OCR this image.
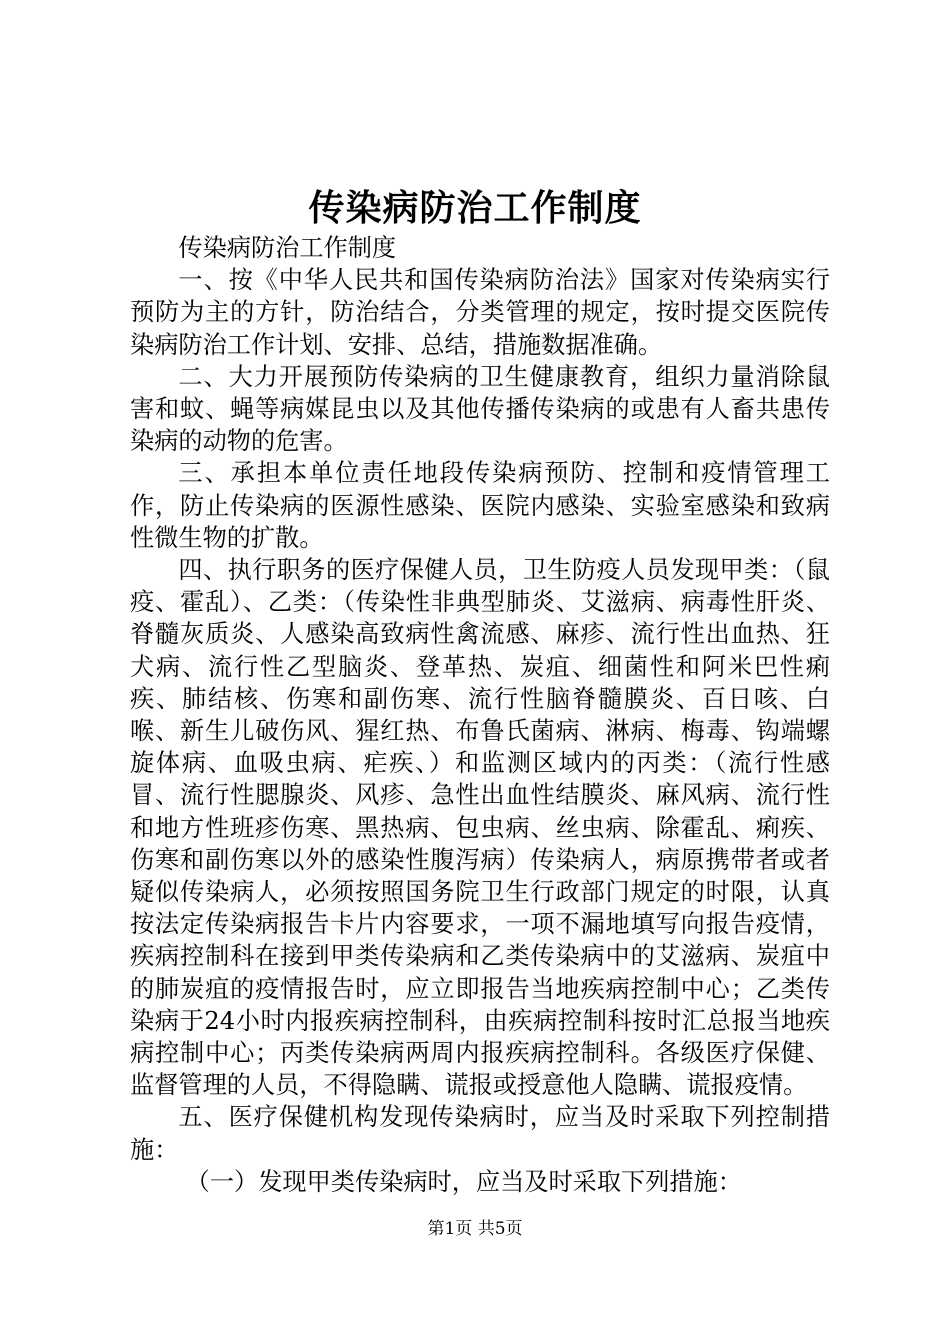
传染病防治工作制度

传染病防治工作制度

一、按《中华人民共和国传染病防治法》国家对传染病实行预防为主的方针，防治结合，分类管理的规定，按时提交医院传染病防治工作计划、安排、总结，措施数据准确。

二、大力开展预防传染病的卫生健康教育，组织力量消除鼠害和蚊、蝇等病媒昆虫以及其他传播传染病的或患有人畜共患传染病的动物的危害。

三、承担本单位责任地段传染病预防、控制和疫情管理工作，防止传染病的医源性感染、医院内感染、实验室感染和致病性微生物的扩散。

四、执行职务的医疗保健人员，卫生防疫人员发现甲类：（鼠疫、霍乱）、乙类：（传染性非典型肺炎、艾滋病、病毒性肝炎、脊髓灰质炎、人感染高致病性禽流感、麻疹、流行性出血热、狂犬病、流行性乙型脑炎、登革热、炭疽、细菌性和阿米巴性痢疾、肺结核、伤寒和副伤寒、流行性脑脊髓膜炎、百日咳、白喉、新生儿破伤风、猩红热、布鲁氏菌病、淋病、梅毒、钩端螺旋体病、血吸虫病、疟疾、）和监测区域内的丙类：（流行性感冒、流行性腮腺炎、风疹、急性出血性结膜炎、麻风病、流行性和地方性班疹伤寒、黑热病、包虫病、丝虫病、除霍乱、痢疾、伤寒和副伤寒以外的感染性腹泻病）传染病人，病原携带者或者疑似传染病人，必须按照国务院卫生行政部门规定的时限，认真按法定传染病报告卡片内容要求，一项不漏地填写向报告疫情，疾病控制科在接到甲类传染病和乙类传染病中的艾滋病、炭疽中的肺炭疽的疫情报告时，应立即报告当地疾病控制中心；乙类传染病于24小时内报疾病控制科，由疾病控制科按时汇总报当地疾病控制中心；丙类传染病两周内报疾病控制科。各级医疗保健、监督管理的人员，不得隐瞒、谎报或授意他人隐瞒、谎报疫情。

五、医疗保健机构发现传染病时，应当及时采取下列控制措施：

（一）发现甲类传染病时，应当及时采取下列措施：

第1页 共5页
